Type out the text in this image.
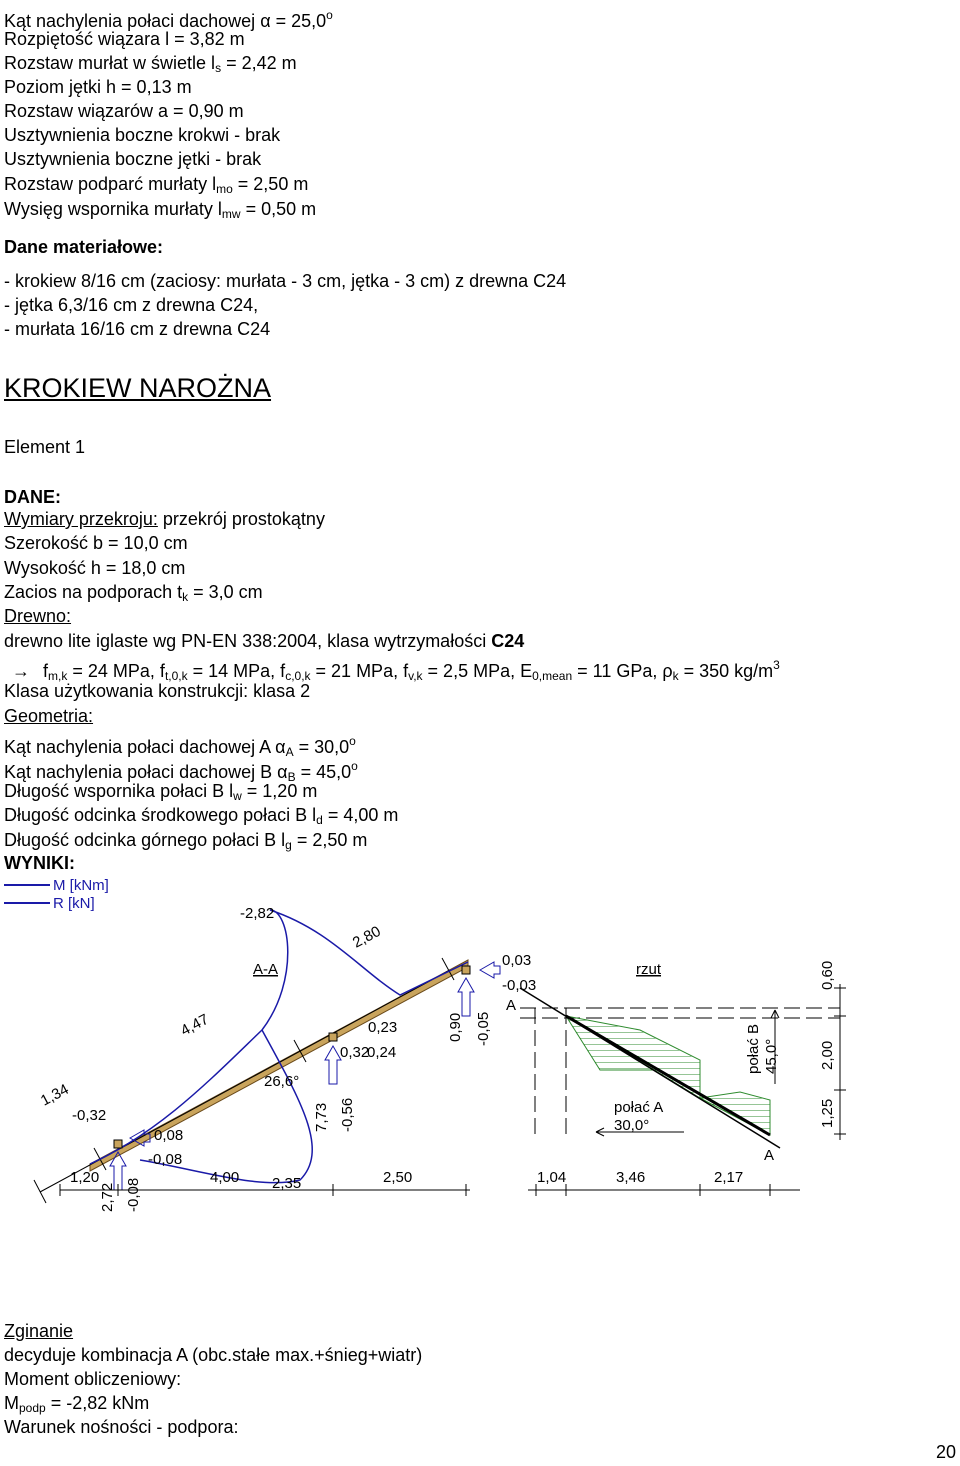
Kąt nachylenia połaci dachowej $\alpha = 25,0^o$
Rozpiętość wiązara l = 3,82 m
Rozstaw murłat w świetle $l_s = 2,42$ m
Poziom jętki h = 0,13 m
Rozstaw wiązarów a = 0,90 m
Usztywnienia boczne krokwi - brak
Usztywnienia boczne jętki - brak
Rozstaw podparć murłaty $l_{mo} = 2,50$ m
Wysięg wspornika murłaty $l_{mw} = 0,50$ m
Dane materiałowe:
- krokiew 8/16 cm (zaciosy: murłata - 3 cm, jętka - 3 cm) z drewna C24
- jętka 6,3/16 cm z drewna C24,
- murłata 16/16 cm z drewna C24
KROKIEW NAROŻNA
Element 1
DANE:
Wymiary przekroju: przekrój prostokątny
Szerokość b = 10,0 cm
Wysokość h = 18,0 cm
Zacios na podporach $t_k = 3,0$ cm
Drewno:
drewno lite iglaste wg PN-EN 338:2004, klasa wytrzymałości C24
→ $f_{m,k} = 24$ MPa, $f_{t,0,k} = 14$ MPa, $f_{c,0,k} = 21$ MPa, $f_{v,k} = 2,5$ MPa, $E_{0,mean} = 11$ GPa, $\rho_k = 350$ $kg/m^3$
Klasa użytkowania konstrukcji: klasa 2
Geometria:
Kąt nachylenia połaci dachowej A $\alpha_A = 30,0^o$
Kąt nachylenia połaci dachowej B $\alpha_B = 45,0^o$
Długość wspornika połaci B $l_w = 1,20$ m
Długość odcinka środkowego połaci B $l_d = 4,00$ m
Długość odcinka górnego połaci B $l_g = 2,50$ m
WYNIKI:
M [kNm]
R [kN]
-2,82
2,80
4,47
1,34
A-A
26,6°
0,03
-0,03
0,90 -0,05
0,23
0,32
0,24
7,73 -0,56
-0,32
0,08
-0,08
2,72 -0,08
1,20	4,00 2,35	2,50
rzut
A
A
połać A
30,0°
połać B 45,0°
1,04	3,46	2,17
0,60
2,00
1,25
Zginanie
decyduje kombinacja A (obc.stałe max.+śnieg+wiatr)
Moment obliczeniowy:
$M_{podp} = -2,82$ kNm
Warunek nośności - podpora:
20
